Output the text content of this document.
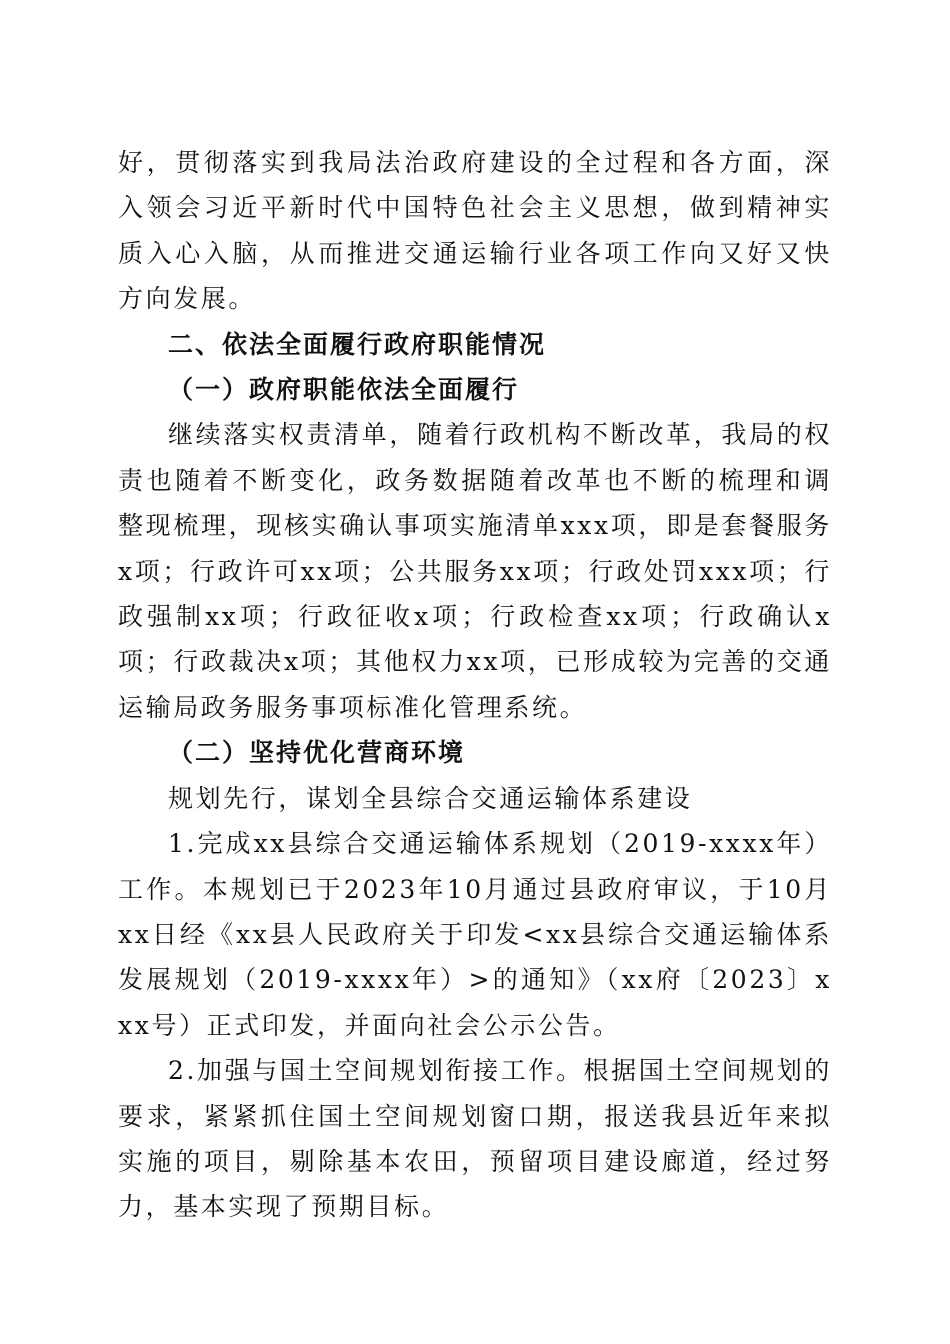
好，贯彻落实到我局法治政府建设的全过程和各方面，深入领会习近平新时代中国特色社会主义思想，做到精神实质入心入脑，从而推进交通运输行业各项工作向又好又快方向发展。

二、依法全面履行政府职能情况

（一）政府职能依法全面履行

继续落实权责清单，随着行政机构不断改革，我局的权责也随着不断变化，政务数据随着改革也不断的梳理和调整现梳理，现核实确认事项实施清单xxx项，即是套餐服务x项；行政许可xx项；公共服务xx项；行政处罚xxx项；行政强制xx项；行政征收x项；行政检查xx项；行政确认x项；行政裁决x项；其他权力xx项，已形成较为完善的交通运输局政务服务事项标准化管理系统。

（二）坚持优化营商环境

规划先行，谋划全县综合交通运输体系建设

1.完成xx县综合交通运输体系规划（2019-xxxx年）工作。本规划已于2023年10月通过县政府审议，于10月xx日经《xx县人民政府关于印发<xx县综合交通运输体系发展规划（2019-xxxx年）>的通知》（xx府〔2023〕xxx号）正式印发，并面向社会公示公告。

2.加强与国土空间规划衔接工作。根据国土空间规划的要求，紧紧抓住国土空间规划窗口期，报送我县近年来拟实施的项目，剔除基本农田，预留项目建设廊道，经过努力，基本实现了预期目标。
